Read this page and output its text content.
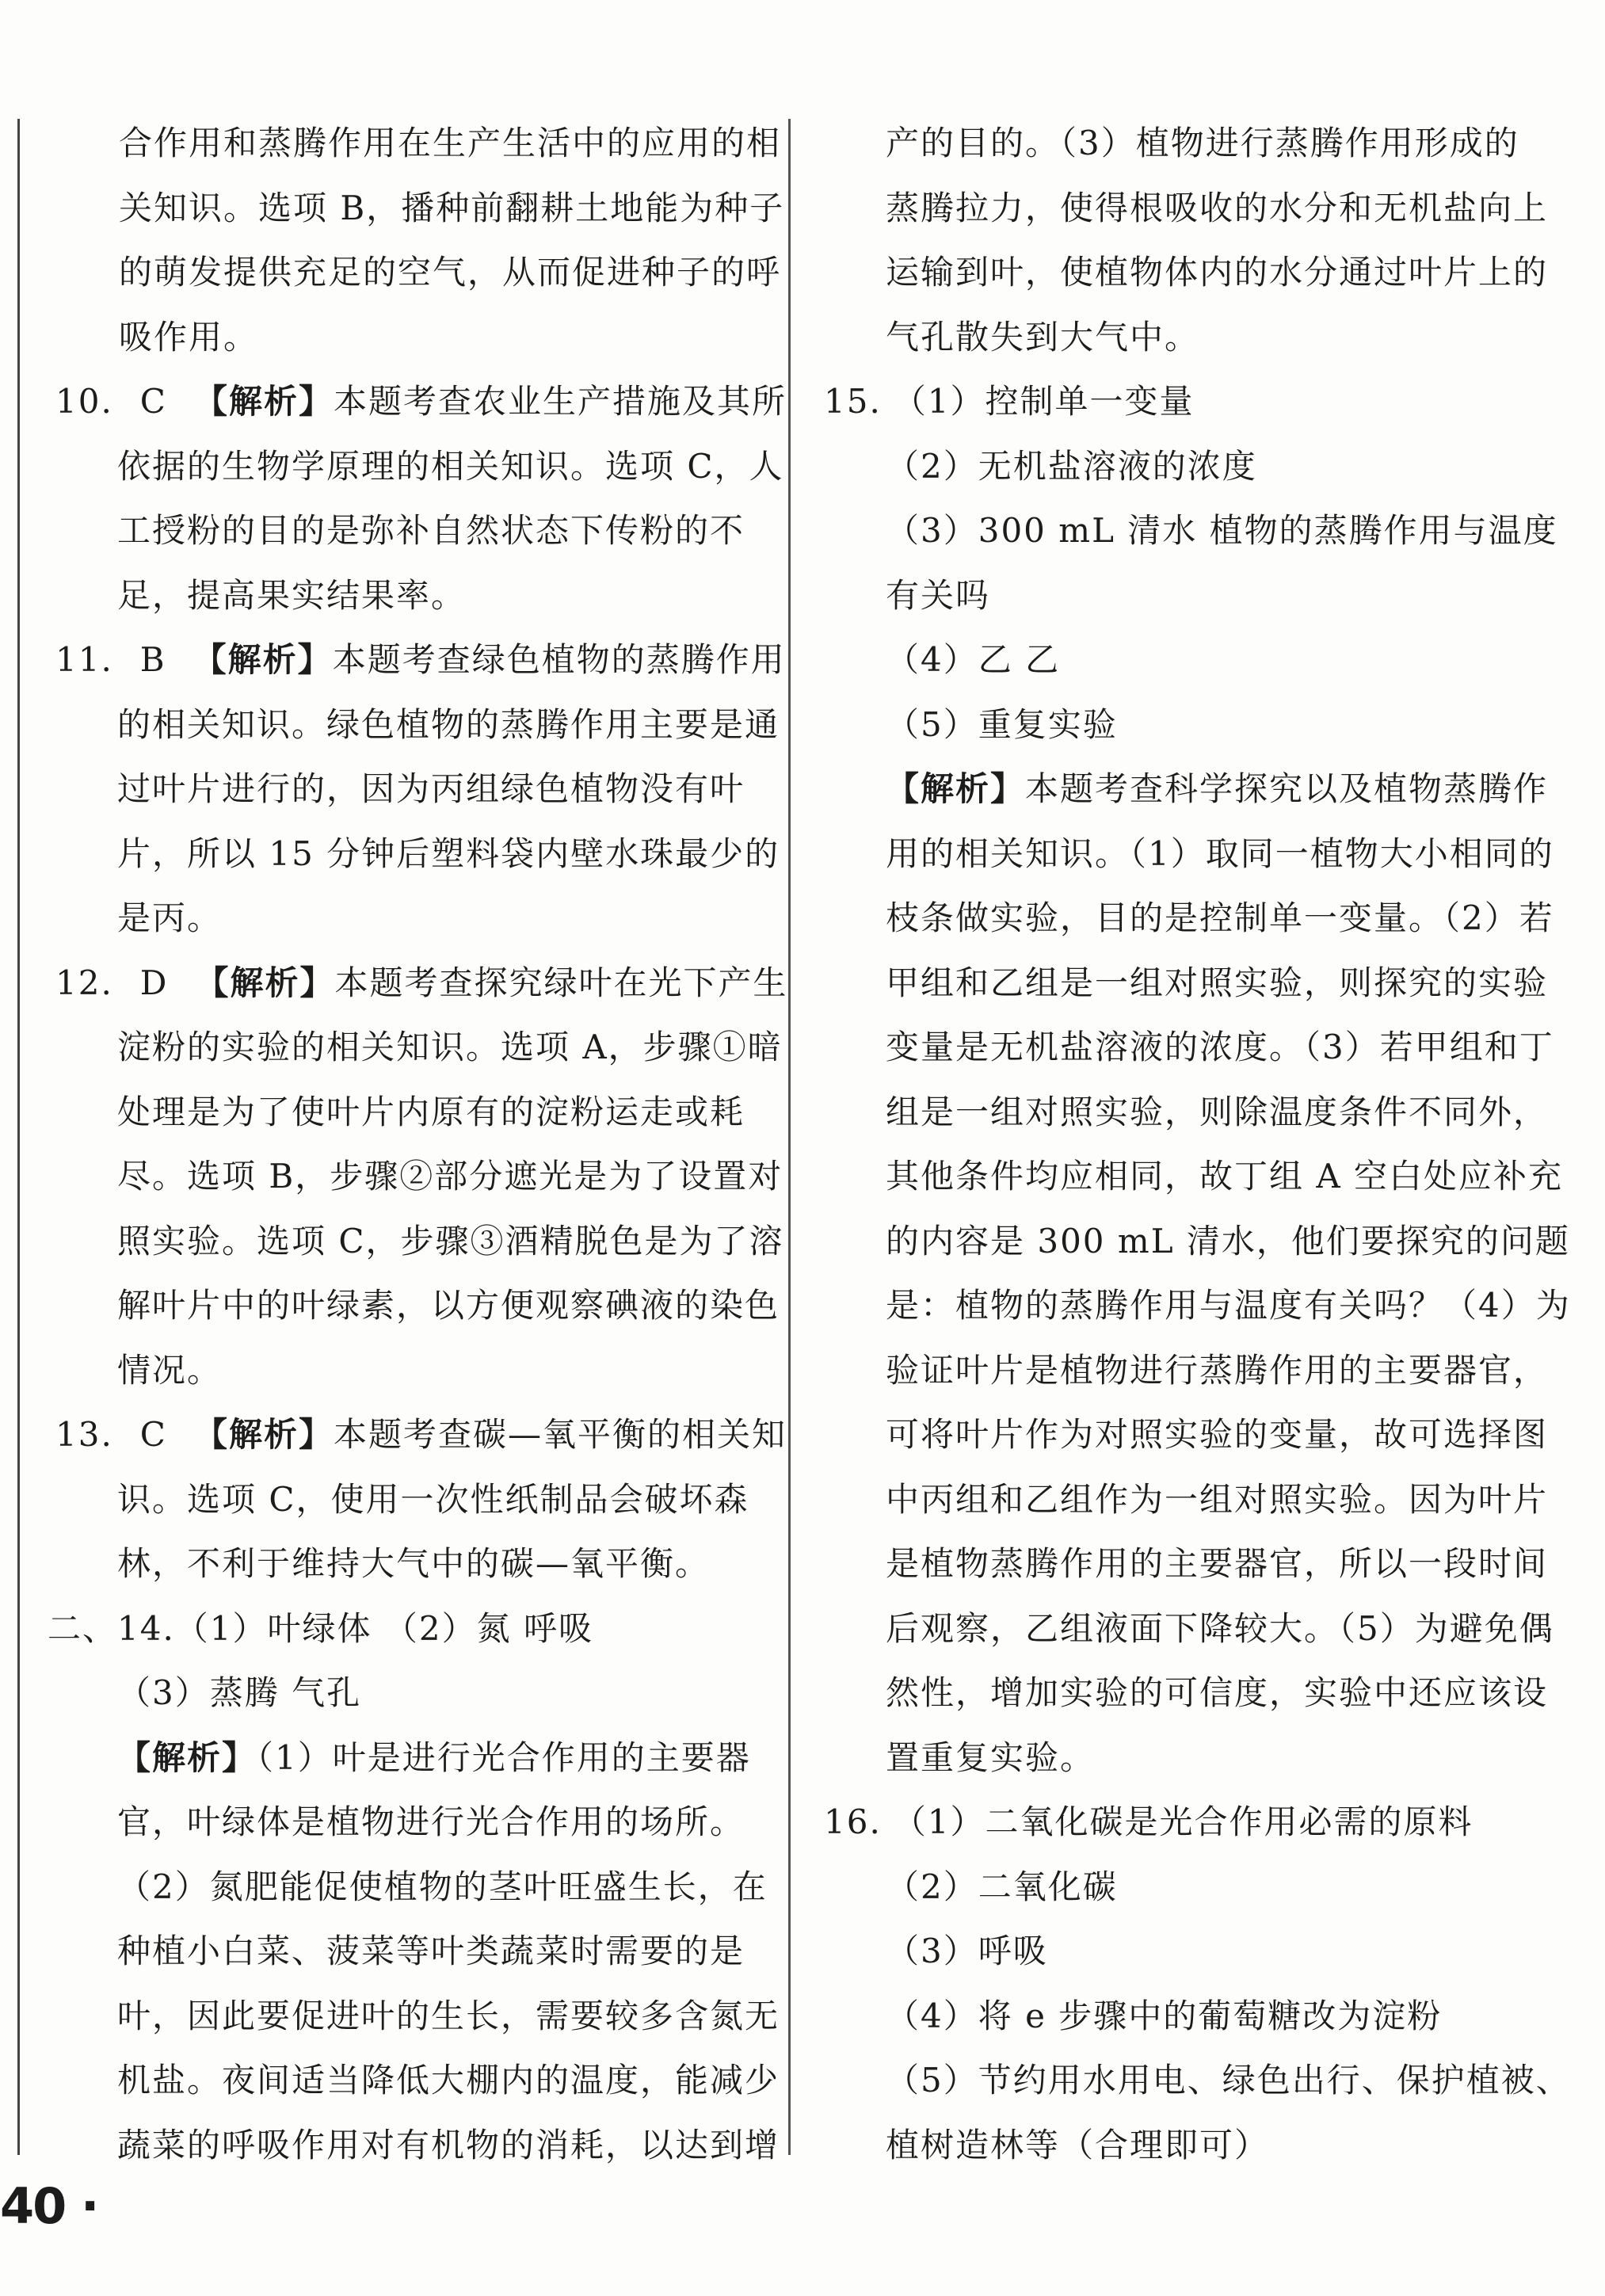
合作用和蒸腾作用在生产生活中的应用的相
关知识。选项 B，播种前翻耕土地能为种子
的萌发提供充足的空气，从而促进种子的呼
吸作用。
10. C 【解析】本题考查农业生产措施及其所
依据的生物学原理的相关知识。选项 C，人
工授粉的目的是弥补自然状态下传粉的不
足，提高果实结果率。
11. B 【解析】本题考查绿色植物的蒸腾作用
的相关知识。绿色植物的蒸腾作用主要是通
过叶片进行的，因为丙组绿色植物没有叶
片，所以 15 分钟后塑料袋内壁水珠最少的
是丙。
12. D 【解析】本题考查探究绿叶在光下产生
淀粉的实验的相关知识。选项 A，步骤①暗
处理是为了使叶片内原有的淀粉运走或耗
尽。选项 B，步骤②部分遮光是为了设置对
照实验。选项 C，步骤③酒精脱色是为了溶
解叶片中的叶绿素，以方便观察碘液的染色
情况。
13. C 【解析】本题考查碳—氧平衡的相关知
识。选项 C，使用一次性纸制品会破坏森
林，不利于维持大气中的碳—氧平衡。
二、14.（1）叶绿体 （2）氮 呼吸
（3）蒸腾 气孔
【解析】（1）叶是进行光合作用的主要器
官，叶绿体是植物进行光合作用的场所。
（2）氮肥能促使植物的茎叶旺盛生长，在
种植小白菜、菠菜等叶类蔬菜时需要的是
叶，因此要促进叶的生长，需要较多含氮无
机盐。夜间适当降低大棚内的温度，能减少
蔬菜的呼吸作用对有机物的消耗，以达到增
产的目的。（3）植物进行蒸腾作用形成的
蒸腾拉力，使得根吸收的水分和无机盐向上
运输到叶，使植物体内的水分通过叶片上的
气孔散失到大气中。
15. （1）控制单一变量
（2）无机盐溶液的浓度
（3）300 mL 清水 植物的蒸腾作用与温度
有关吗
（4）乙 乙
（5）重复实验
【解析】本题考查科学探究以及植物蒸腾作
用的相关知识。（1）取同一植物大小相同的
枝条做实验，目的是控制单一变量。（2）若
甲组和乙组是一组对照实验，则探究的实验
变量是无机盐溶液的浓度。（3）若甲组和丁
组是一组对照实验，则除温度条件不同外，
其他条件均应相同，故丁组 A 空白处应补充
的内容是 300 mL 清水，他们要探究的问题
是：植物的蒸腾作用与温度有关吗？（4）为
验证叶片是植物进行蒸腾作用的主要器官，
可将叶片作为对照实验的变量，故可选择图
中丙组和乙组作为一组对照实验。因为叶片
是植物蒸腾作用的主要器官，所以一段时间
后观察，乙组液面下降较大。（5）为避免偶
然性，增加实验的可信度，实验中还应该设
置重复实验。
16. （1）二氧化碳是光合作用必需的原料
（2）二氧化碳
（3）呼吸
（4）将 e 步骤中的葡萄糖改为淀粉
（5）节约用水用电、绿色出行、保护植被、
植树造林等（合理即可）
40 ·
